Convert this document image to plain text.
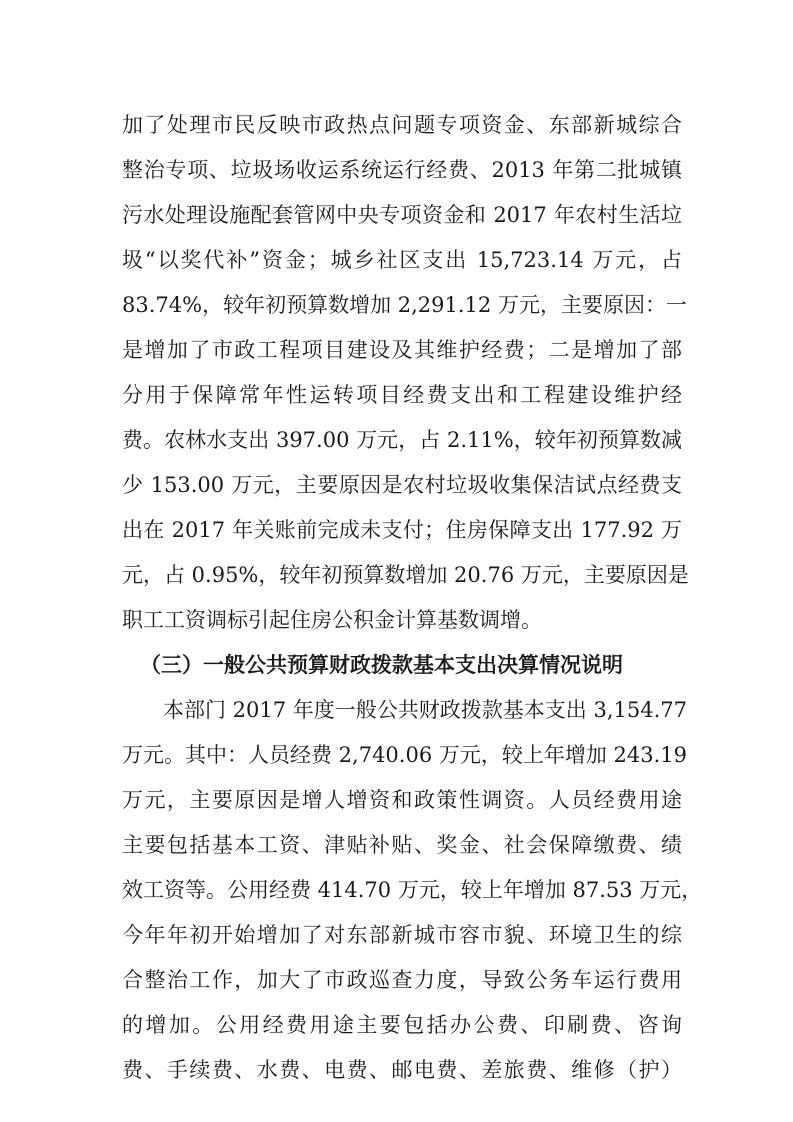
加了处理市民反映市政热点问题专项资金、东部新城综合
整治专项、垃圾场收运系统运行经费、2013 年第二批城镇
污水处理设施配套管网中央专项资金和 2017 年农村生活垃
圾“以奖代补”资金；城乡社区支出 15,723.14 万元，占
83.74%，较年初预算数增加 2,291.12 万元，主要原因：一
是增加了市政工程项目建设及其维护经费；二是增加了部
分用于保障常年性运转项目经费支出和工程建设维护经
费。农林水支出 397.00 万元，占 2.11%，较年初预算数减
少 153.00 万元，主要原因是农村垃圾收集保洁试点经费支
出在 2017 年关账前完成未支付；住房保障支出 177.92 万
元，占 0.95%，较年初预算数增加 20.76 万元，主要原因是
职工工资调标引起住房公积金计算基数调增。
（三）一般公共预算财政拨款基本支出决算情况说明
本部门 2017 年度一般公共财政拨款基本支出 3,154.77
万元。其中：人员经费 2,740.06 万元，较上年增加 243.19
万元，主要原因是增人增资和政策性调资。人员经费用途
主要包括基本工资、津贴补贴、奖金、社会保障缴费、绩
效工资等。公用经费 414.70 万元，较上年增加 87.53 万元，
今年年初开始增加了对东部新城市容市貌、环境卫生的综
合整治工作，加大了市政巡查力度，导致公务车运行费用
的增加。公用经费用途主要包括办公费、印刷费、咨询
费、手续费、水费、电费、邮电费、差旅费、维修（护）
